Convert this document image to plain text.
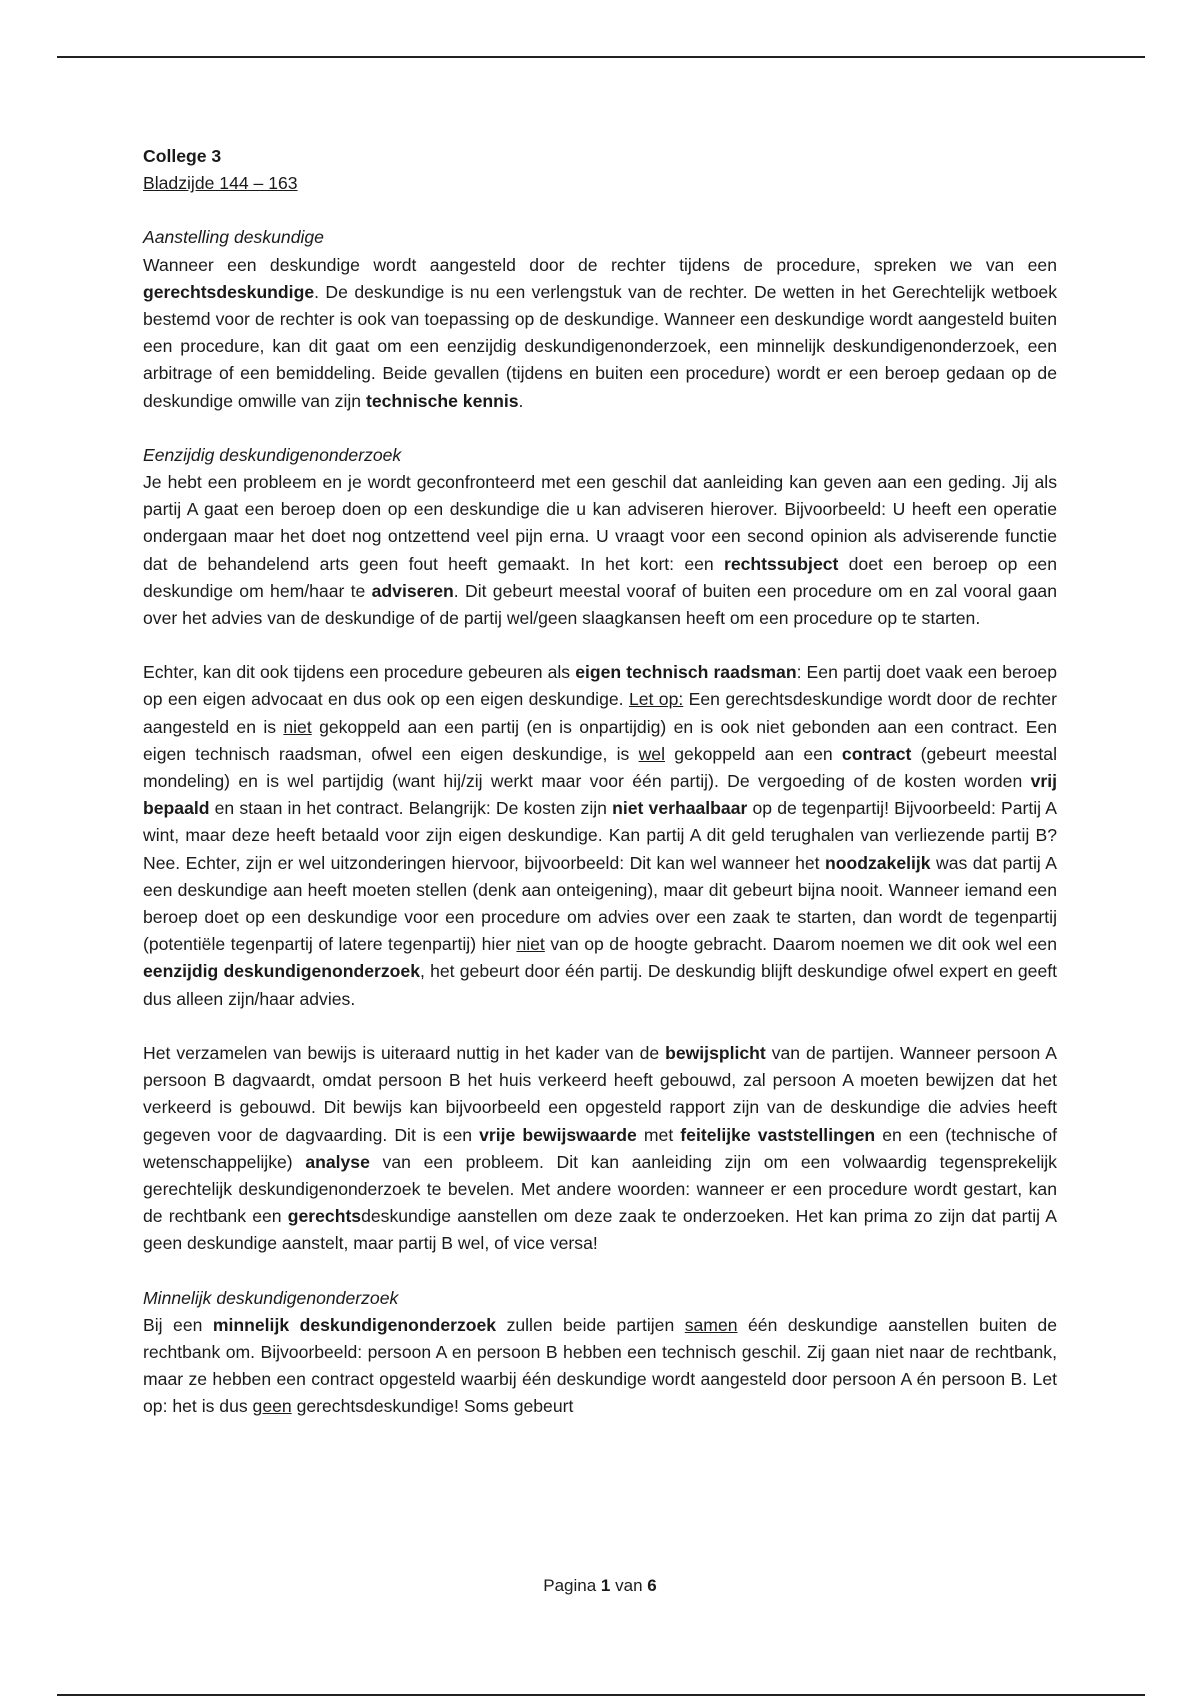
College 3

Bladzijde 144 – 163

Aanstelling deskundige

Wanneer een deskundige wordt aangesteld door de rechter tijdens de procedure, spreken we van een gerechtsdeskundige. De deskundige is nu een verlengstuk van de rechter. De wetten in het Gerechtelijk wetboek bestemd voor de rechter is ook van toepassing op de deskundige. Wanneer een deskundige wordt aangesteld buiten een procedure, kan dit gaat om een eenzijdig deskundigenonderzoek, een minnelijk deskundigenonderzoek, een arbitrage of een bemiddeling. Beide gevallen (tijdens en buiten een procedure) wordt er een beroep gedaan op de deskundige omwille van zijn technische kennis.

Eenzijdig deskundigenonderzoek

Je hebt een probleem en je wordt geconfronteerd met een geschil dat aanleiding kan geven aan een geding. Jij als partij A gaat een beroep doen op een deskundige die u kan adviseren hierover. Bijvoorbeeld: U heeft een operatie ondergaan maar het doet nog ontzettend veel pijn erna. U vraagt voor een second opinion als adviserende functie dat de behandelend arts geen fout heeft gemaakt. In het kort: een rechtssubject doet een beroep op een deskundige om hem/haar te adviseren. Dit gebeurt meestal vooraf of buiten een procedure om en zal vooral gaan over het advies van de deskundige of de partij wel/geen slaagkansen heeft om een procedure op te starten.

Echter, kan dit ook tijdens een procedure gebeuren als eigen technisch raadsman: Een partij doet vaak een beroep op een eigen advocaat en dus ook op een eigen deskundige. Let op: Een gerechtsdeskundige wordt door de rechter aangesteld en is niet gekoppeld aan een partij (en is onpartijdig) en is ook niet gebonden aan een contract. Een eigen technisch raadsman, ofwel een eigen deskundige, is wel gekoppeld aan een contract (gebeurt meestal mondeling) en is wel partijdig (want hij/zij werkt maar voor één partij). De vergoeding of de kosten worden vrij bepaald en staan in het contract. Belangrijk: De kosten zijn niet verhaalbaar op de tegenpartij! Bijvoorbeeld: Partij A wint, maar deze heeft betaald voor zijn eigen deskundige. Kan partij A dit geld terughalen van verliezende partij B? Nee. Echter, zijn er wel uitzonderingen hiervoor, bijvoorbeeld: Dit kan wel wanneer het noodzakelijk was dat partij A een deskundige aan heeft moeten stellen (denk aan onteigening), maar dit gebeurt bijna nooit. Wanneer iemand een beroep doet op een deskundige voor een procedure om advies over een zaak te starten, dan wordt de tegenpartij (potentiële tegenpartij of latere tegenpartij) hier niet van op de hoogte gebracht. Daarom noemen we dit ook wel een eenzijdig deskundigenonderzoek, het gebeurt door één partij. De deskundig blijft deskundige ofwel expert en geeft dus alleen zijn/haar advies.

Het verzamelen van bewijs is uiteraard nuttig in het kader van de bewijsplicht van de partijen. Wanneer persoon A persoon B dagvaardt, omdat persoon B het huis verkeerd heeft gebouwd, zal persoon A moeten bewijzen dat het verkeerd is gebouwd. Dit bewijs kan bijvoorbeeld een opgesteld rapport zijn van de deskundige die advies heeft gegeven voor de dagvaarding. Dit is een vrije bewijswaarde met feitelijke vaststellingen en een (technische of wetenschappelijke) analyse van een probleem. Dit kan aanleiding zijn om een volwaardig tegensprekelijk gerechtelijk deskundigenonderzoek te bevelen. Met andere woorden: wanneer er een procedure wordt gestart, kan de rechtbank een gerechtsdeskundige aanstellen om deze zaak te onderzoeken. Het kan prima zo zijn dat partij A geen deskundige aanstelt, maar partij B wel, of vice versa!

Minnelijk deskundigenonderzoek

Bij een minnelijk deskundigenonderzoek zullen beide partijen samen één deskundige aanstellen buiten de rechtbank om. Bijvoorbeeld: persoon A en persoon B hebben een technisch geschil. Zij gaan niet naar de rechtbank, maar ze hebben een contract opgesteld waarbij één deskundige wordt aangesteld door persoon A én persoon B. Let op: het is dus geen gerechtsdeskundige! Soms gebeurt

Pagina 1 van 6
